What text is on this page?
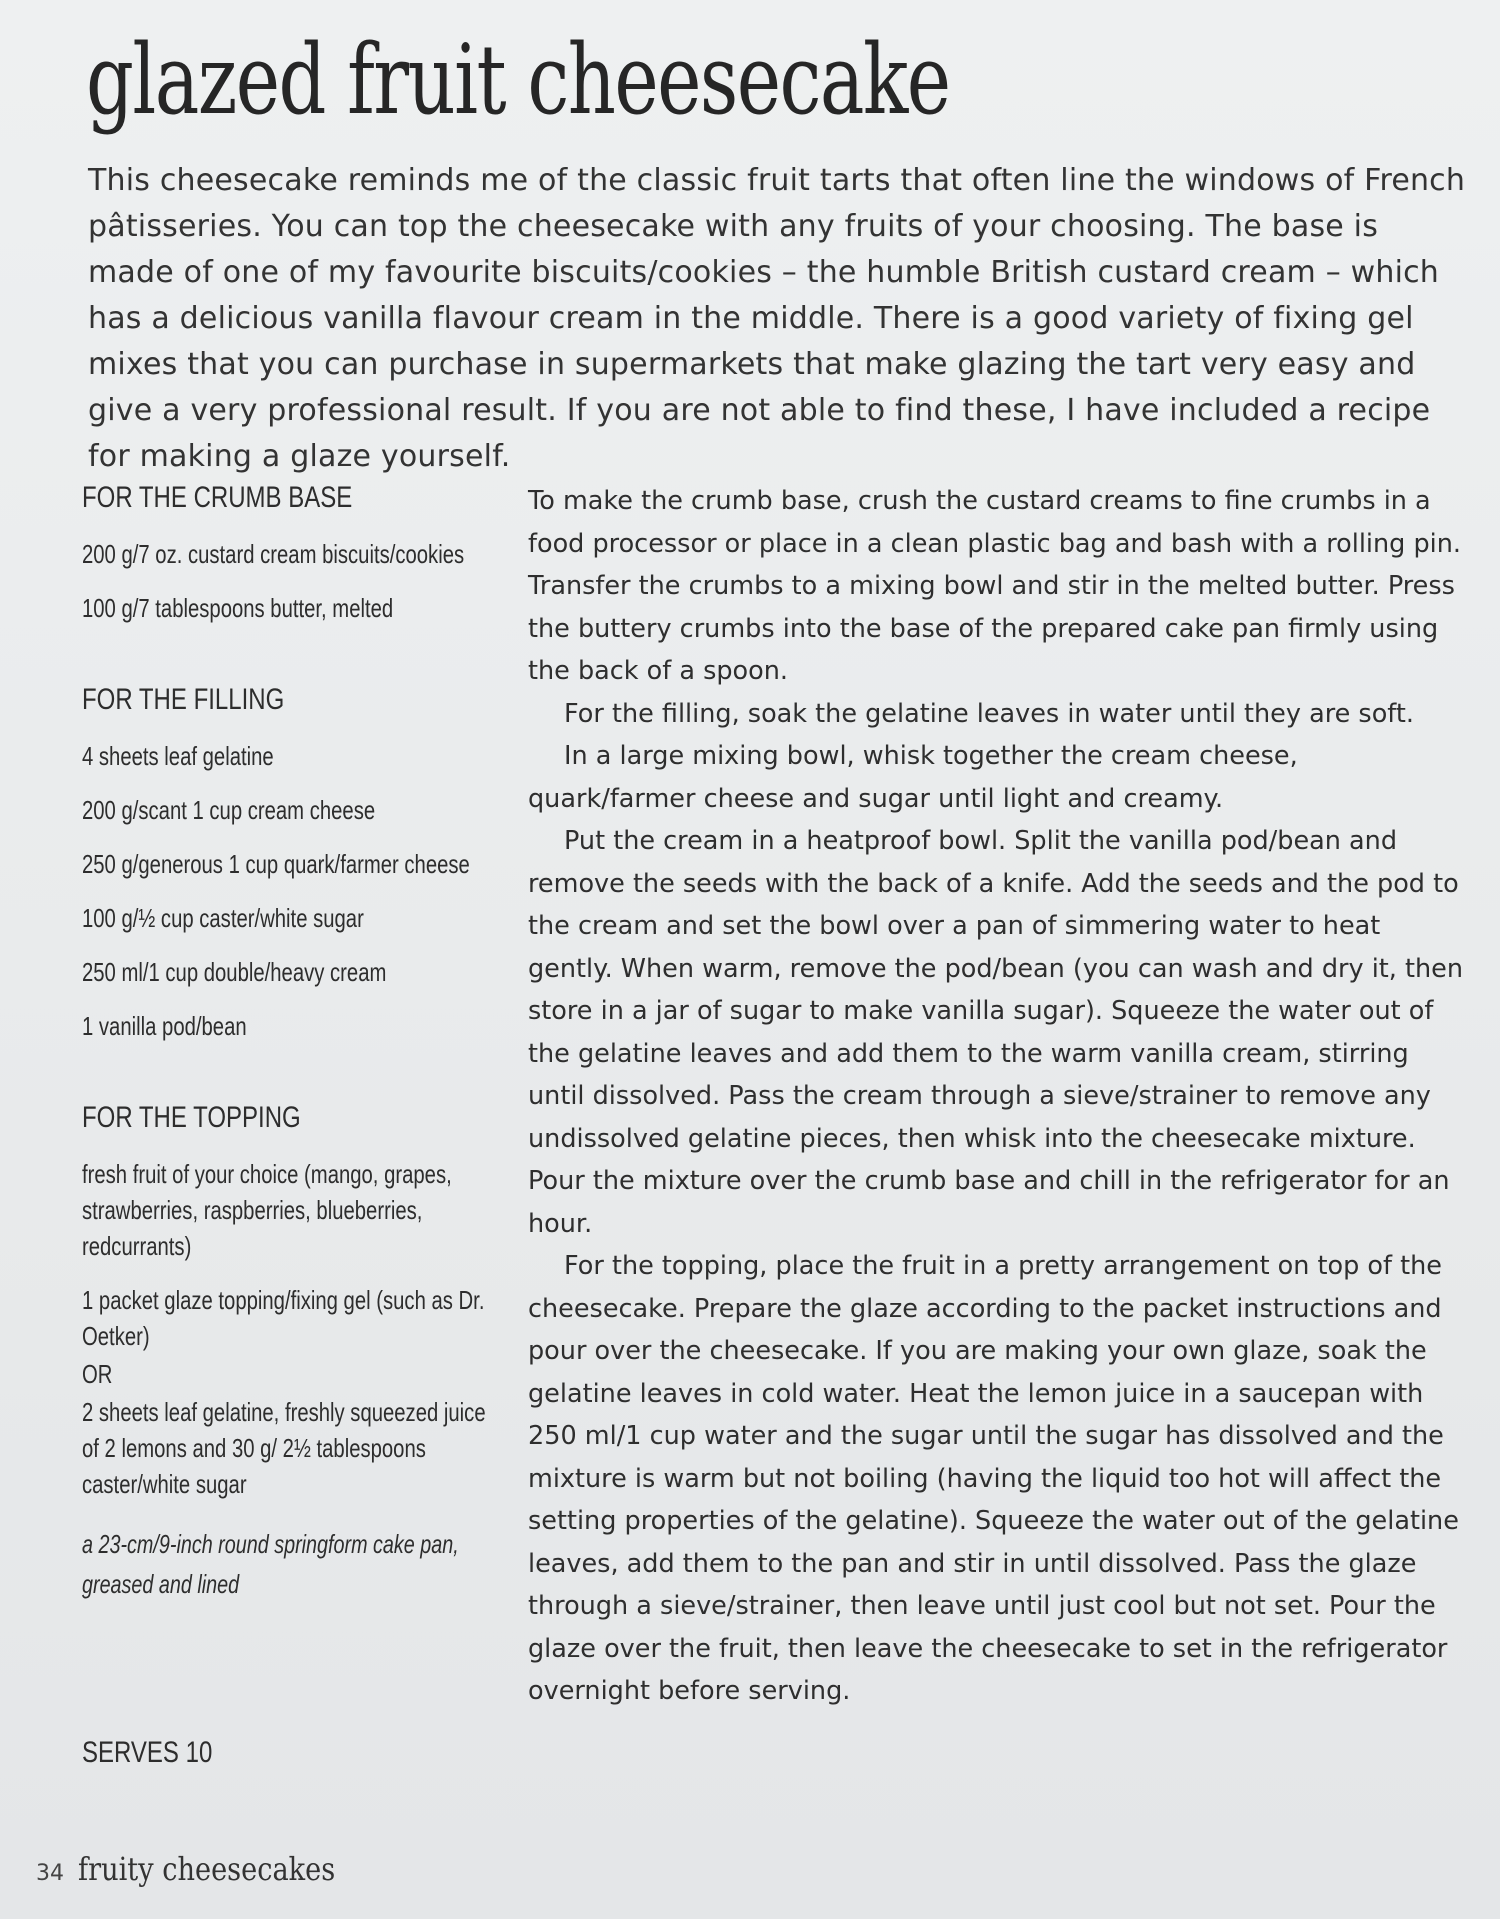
glazed fruit cheesecake

This cheesecake reminds me of the classic fruit tarts that often line the windows of French pâtisseries. You can top the cheesecake with any fruits of your choosing. The base is made of one of my favourite biscuits/cookies – the humble British custard cream – which has a delicious vanilla flavour cream in the middle. There is a good variety of fixing gel mixes that you can purchase in supermarkets that make glazing the tart very easy and give a very professional result. If you are not able to find these, I have included a recipe for making a glaze yourself.

FOR THE CRUMB BASE
200 g/7 oz. custard cream biscuits/cookies
100 g/7 tablespoons butter, melted
FOR THE FILLING
4 sheets leaf gelatine
200 g/scant 1 cup cream cheese
250 g/generous 1 cup quark/farmer cheese
100 g/½ cup caster/white sugar
250 ml/1 cup double/heavy cream
1 vanilla pod/bean
FOR THE TOPPING
fresh fruit of your choice (mango, grapes, strawberries, raspberries, blueberries, redcurrants)
1 packet glaze topping/fixing gel (such as Dr. Oetker)
OR
2 sheets leaf gelatine, freshly squeezed juice of 2 lemons and 30 g/ 2½ tablespoons caster/white sugar
a 23-cm/9-inch round springform cake pan, greased and lined
SERVES 10

To make the crumb base, crush the custard creams to fine crumbs in a food processor or place in a clean plastic bag and bash with a rolling pin. Transfer the crumbs to a mixing bowl and stir in the melted butter. Press the buttery crumbs into the base of the prepared cake pan firmly using the back of a spoon.

For the filling, soak the gelatine leaves in water until they are soft.

In a large mixing bowl, whisk together the cream cheese, quark/farmer cheese and sugar until light and creamy.

Put the cream in a heatproof bowl. Split the vanilla pod/bean and remove the seeds with the back of a knife. Add the seeds and the pod to the cream and set the bowl over a pan of simmering water to heat gently. When warm, remove the pod/bean (you can wash and dry it, then store in a jar of sugar to make vanilla sugar). Squeeze the water out of the gelatine leaves and add them to the warm vanilla cream, stirring until dissolved. Pass the cream through a sieve/strainer to remove any undissolved gelatine pieces, then whisk into the cheesecake mixture. Pour the mixture over the crumb base and chill in the refrigerator for an hour.

For the topping, place the fruit in a pretty arrangement on top of the cheesecake. Prepare the glaze according to the packet instructions and pour over the cheesecake. If you are making your own glaze, soak the gelatine leaves in cold water. Heat the lemon juice in a saucepan with 250 ml/1 cup water and the sugar until the sugar has dissolved and the mixture is warm but not boiling (having the liquid too hot will affect the setting properties of the gelatine). Squeeze the water out of the gelatine leaves, add them to the pan and stir in until dissolved. Pass the glaze through a sieve/strainer, then leave until just cool but not set. Pour the glaze over the fruit, then leave the cheesecake to set in the refrigerator overnight before serving.

34 fruity cheesecakes
